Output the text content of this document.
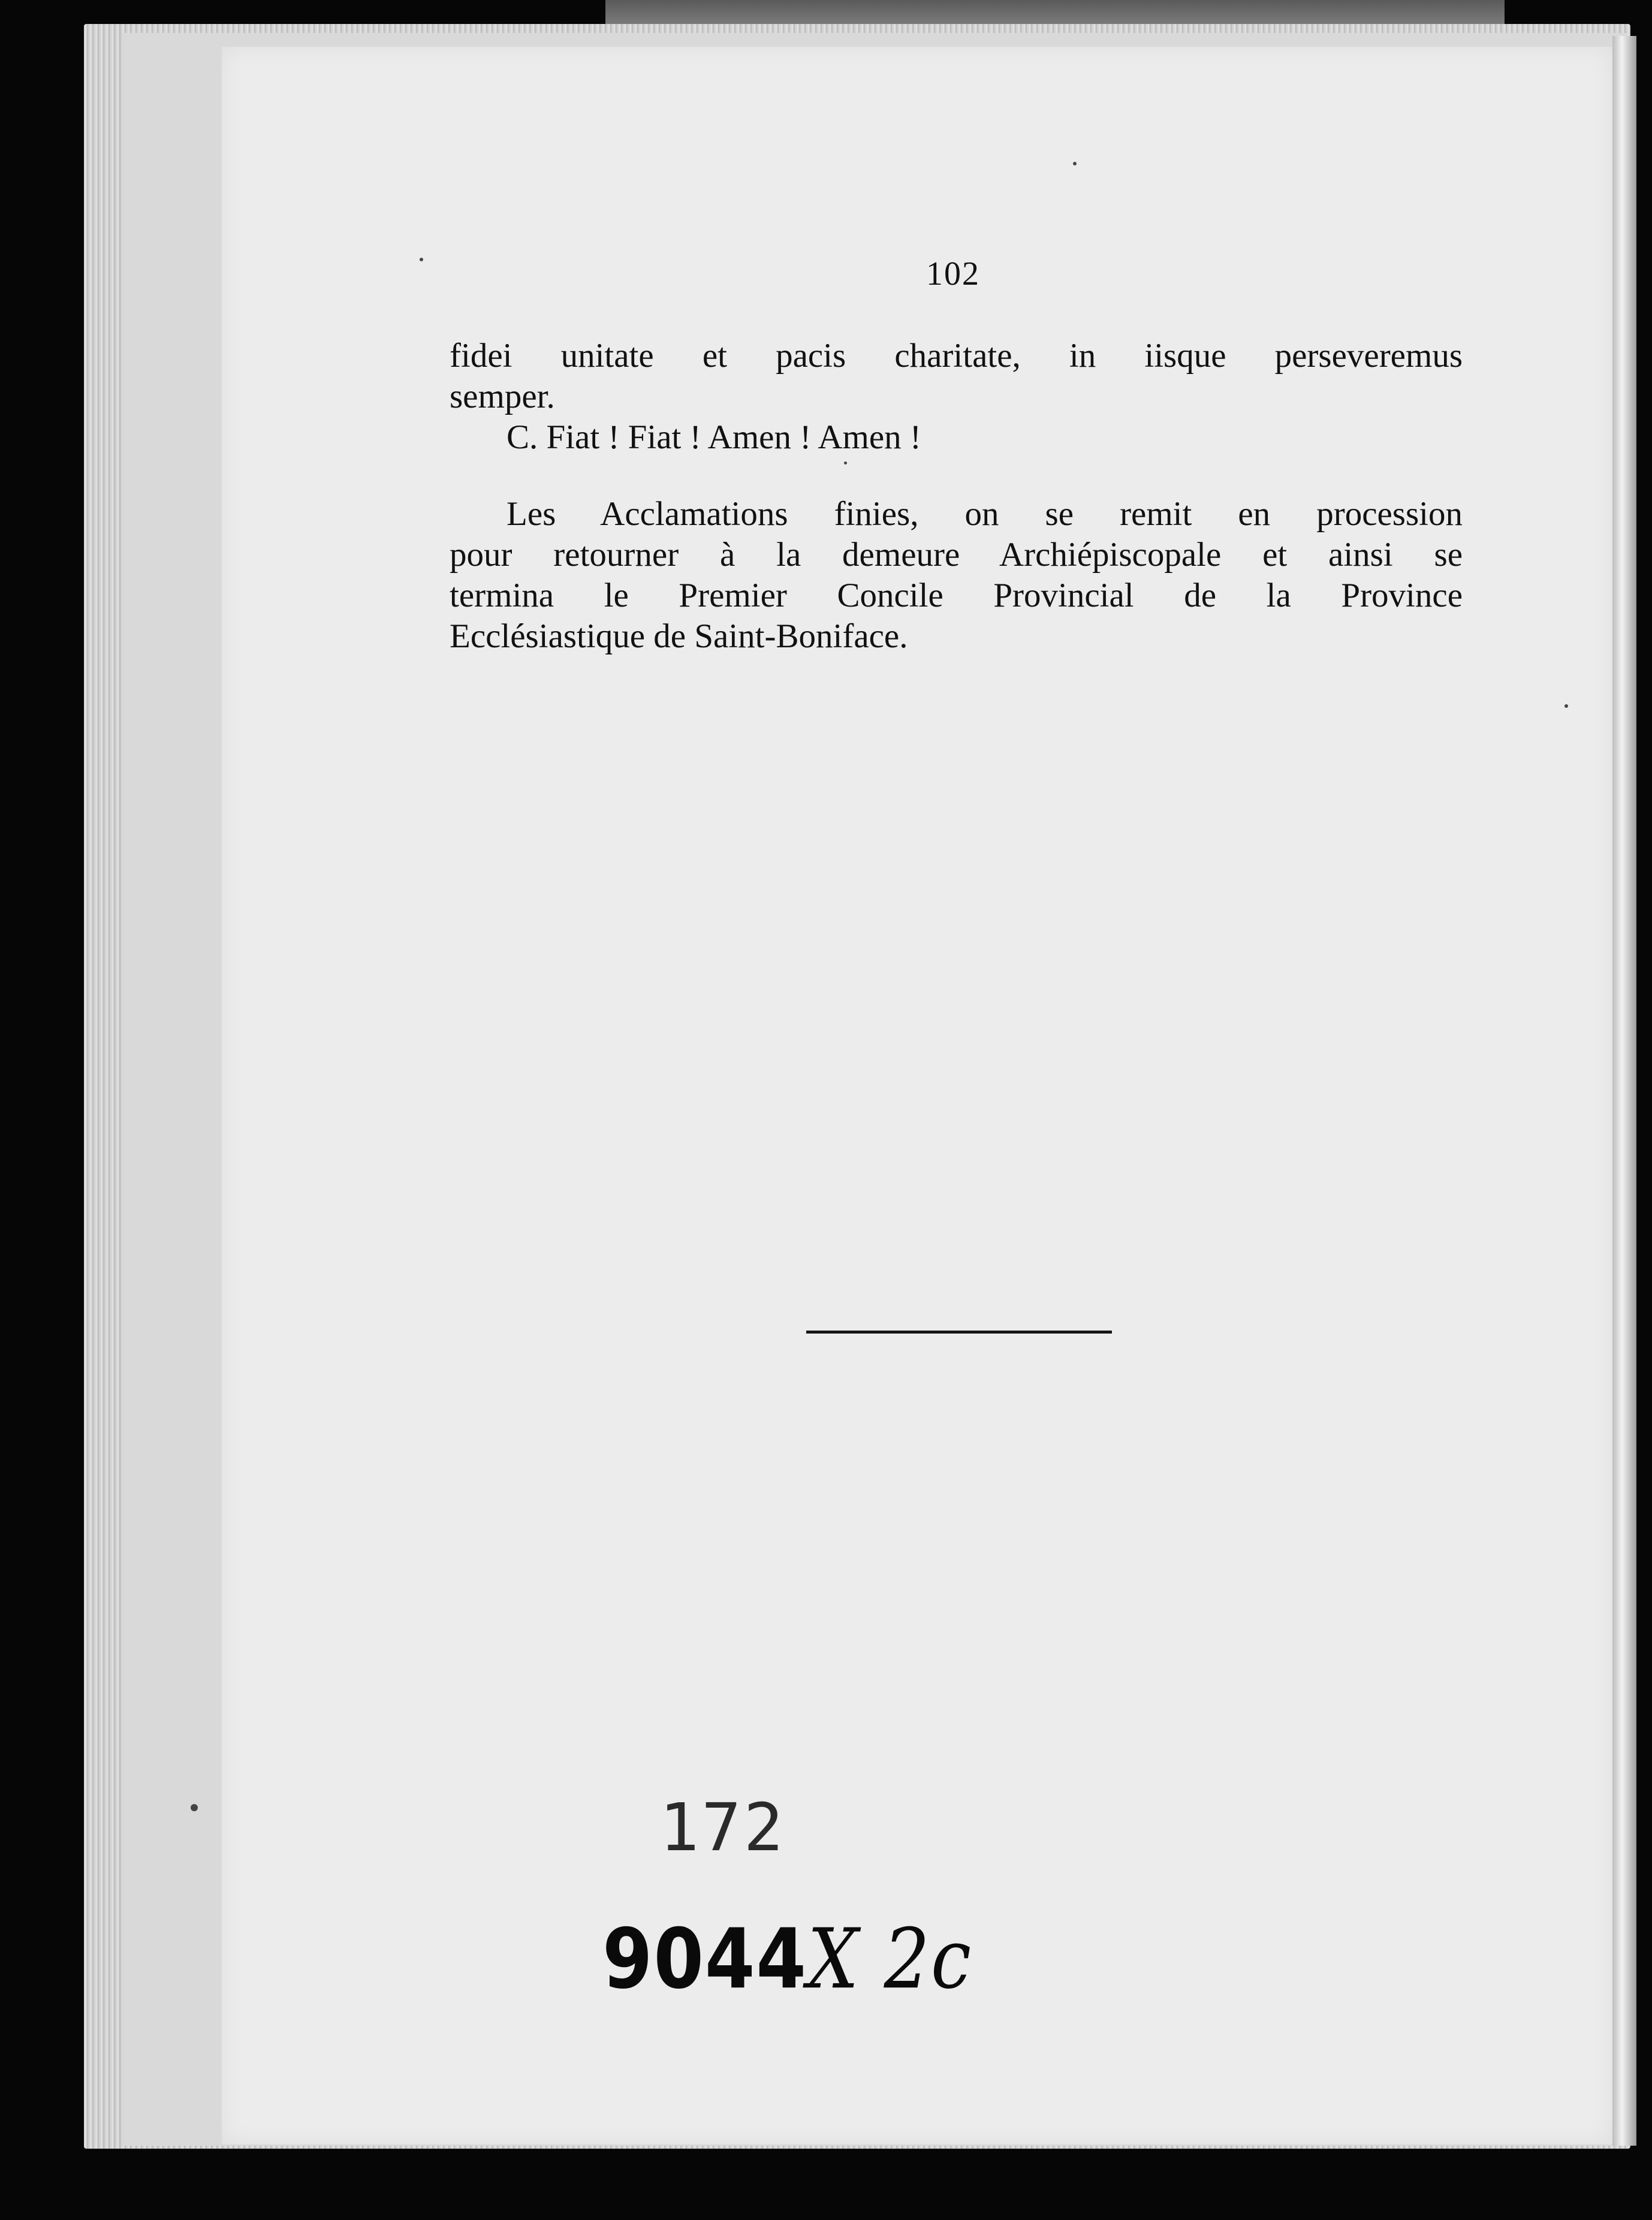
102
fidei unitate et pacis charitate, in iisque perseveremus
semper.
C. Fiat ! Fiat ! Amen ! Amen !
Les Acclamations finies, on se remit en procession
pour retourner à la demeure Archiépiscopale et ainsi se
termina le Premier Concile Provincial de la Province
Ecclésiastique de Saint-Boniface.
172
9044X 2c
